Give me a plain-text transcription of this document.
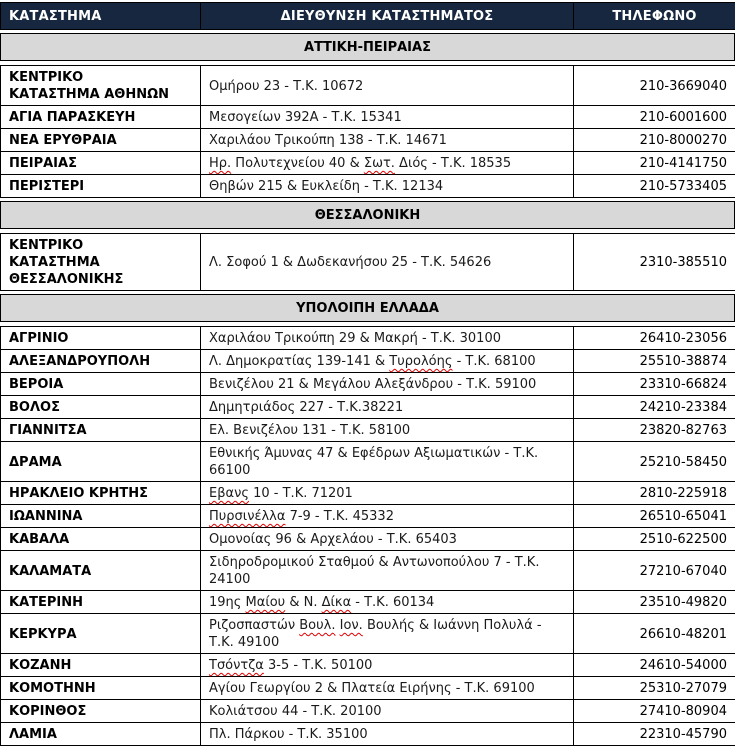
ΚΑΤΑΣΤΗΜΑ	ΔΙΕΥΘΥΝΣΗ ΚΑΤΑΣΤΗΜΑΤΟΣ	ΤΗΛΕΦΩΝΟ
ΑΤΤΙΚΗ-ΠΕΙΡΑΙΑΣ
ΚΕΝΤΡΙΚΟ
ΚΑΤΑΣΤΗΜΑ ΑΘΗΝΩΝ	Ομήρου 23 - Τ.Κ. 10672	210-3669040
ΑΓΙΑ ΠΑΡΑΣΚΕΥΗ	Μεσογείων 392Α - Τ.Κ. 15341	210-6001600
ΝΕΑ ΕΡΥΘΡΑΙΑ	Χαριλάου Τρικούπη 138 - Τ.Κ. 14671	210-8000270
ΠΕΙΡΑΙΑΣ	Ηρ. Πολυτεχνείου 40 & Σωτ. Διός - Τ.Κ. 18535	210-4141750
ΠΕΡΙΣΤΕΡΙ	Θηβών 215 & Ευκλείδη - Τ.Κ. 12134	210-5733405
ΘΕΣΣΑΛΟΝΙΚΗ
ΚΕΝΤΡΙΚΟ
ΚΑΤΑΣΤΗΜΑ
ΘΕΣΣΑΛΟΝΙΚΗΣ	Λ. Σοφού 1 & Δωδεκανήσου 25 - Τ.Κ. 54626	2310-385510
ΥΠΟΛΟΙΠΗ ΕΛΛΑΔΑ
ΑΓΡΙΝΙΟ	Χαριλάου Τρικούπη 29 & Μακρή - Τ.Κ. 30100	26410-23056
ΑΛΕΞΑΝΔΡΟΥΠΟΛΗ	Λ. Δημοκρατίας 139-141 & Τυρολόης - Τ.Κ. 68100	25510-38874
ΒΕΡΟΙΑ	Βενιζέλου 21 & Μεγάλου Αλεξάνδρου - Τ.Κ. 59100	23310-66824
ΒΟΛΟΣ	Δημητριάδος 227 - Τ.Κ.38221	24210-23384
ΓΙΑΝΝΙΤΣΑ	Ελ. Βενιζέλου 131 - Τ.Κ. 58100	23820-82763
ΔΡΑΜΑ	Εθνικής Άμυνας 47 & Εφέδρων Αξιωματικών - Τ.Κ. 66100	25210-58450
ΗΡΑΚΛΕΙΟ ΚΡΗΤΗΣ	Εβανς 10 - Τ.Κ. 71201	2810-225918
ΙΩΑΝΝΙΝΑ	Πυρσινέλλα 7-9 - Τ.Κ. 45332	26510-65041
ΚΑΒΑΛΑ	Ομονοίας 96 & Αρχελάου - Τ.Κ. 65403	2510-622500
ΚΑΛΑΜΑΤΑ	Σιδηροδρομικού Σταθμού & Αντωνοπούλου 7 - Τ.Κ. 24100	27210-67040
ΚΑΤΕΡΙΝΗ	19ης Μαίου & Ν. Δίκα - Τ.Κ. 60134	23510-49820
ΚΕΡΚΥΡΑ	Ριζοσπαστών Βουλ. Ιον. Βουλής & Ιωάννη Πολυλά - Τ.Κ. 49100	26610-48201
ΚΟΖΑΝΗ	Τσόντζα 3-5 - Τ.Κ. 50100	24610-54000
ΚΟΜΟΤΗΝΗ	Αγίου Γεωργίου 2 & Πλατεία Ειρήνης - Τ.Κ. 69100	25310-27079
ΚΟΡΙΝΘΟΣ	Κολιάτσου 44 - Τ.Κ. 20100	27410-80904
ΛΑΜΙΑ	Πλ. Πάρκου - Τ.Κ. 35100	22310-45790
